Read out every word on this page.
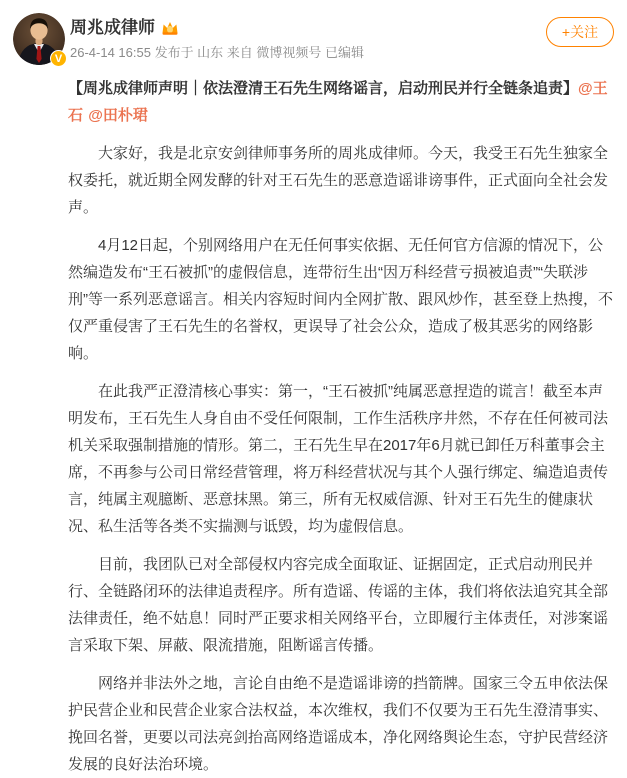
V
周兆成律师
26-4-14 16:55 发布于 山东 来自 微博视频号 已编辑
+关注
【周兆成律师声明｜依法澄清王石先生网络谣言，启动刑民并行全链条追责】@王石 @田朴珺

大家好，我是北京安剑律师事务所的周兆成律师。今天，我受王石先生独家全权委托，就近期全网发酵的针对王石先生的恶意造谣诽谤事件，正式面向全社会发声。

4月12日起，个别网络用户在无任何事实依据、无任何官方信源的情况下，公然编造发布“王石被抓”的虚假信息，连带衍生出“因万科经营亏损被追责”“失联涉刑”等一系列恶意谣言。相关内容短时间内全网扩散、跟风炒作，甚至登上热搜，不仅严重侵害了王石先生的名誉权，更误导了社会公众，造成了极其恶劣的网络影响。

在此我严正澄清核心事实：第一，“王石被抓”纯属恶意捏造的谎言！截至本声明发布，王石先生人身自由不受任何限制，工作生活秩序井然，不存在任何被司法机关采取强制措施的情形。第二，王石先生早在2017年6月就已卸任万科董事会主席，不再参与公司日常经营管理，将万科经营状况与其个人强行绑定、编造追责传言，纯属主观臆断、恶意抹黑。第三，所有无权威信源、针对王石先生的健康状况、私生活等各类不实揣测与诋毁，均为虚假信息。

目前，我团队已对全部侵权内容完成全面取证、证据固定，正式启动刑民并行、全链路闭环的法律追责程序。所有造谣、传谣的主体，我们将依法追究其全部法律责任，绝不姑息！同时严正要求相关网络平台，立即履行主体责任，对涉案谣言采取下架、屏蔽、限流措施，阻断谣言传播。

网络并非法外之地，言论自由绝不是造谣诽谤的挡箭牌。国家三令五申依法保护民营企业和民营企业家合法权益，本次维权，我们不仅要为王石先生澄清事实、挽回名誉，更要以司法亮剑抬高网络造谣成本，净化网络舆论生态，守护民营经济发展的良好法治环境。
